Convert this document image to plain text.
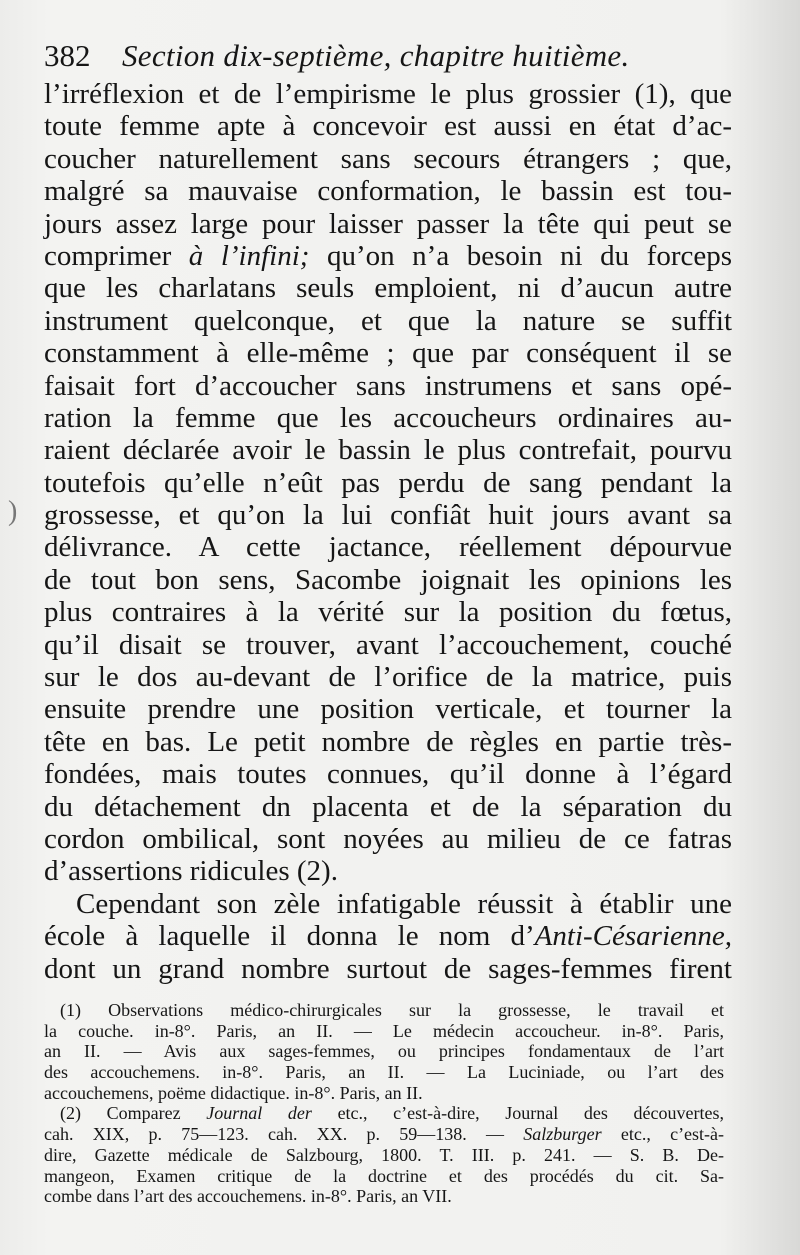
382 Section dix-septième, chapitre huitième.
)
l’irréflexion et de l’empirisme le plus grossier (1), que
toute femme apte à concevoir est aussi en état d’ac-
coucher naturellement sans secours étrangers ; que,
malgré sa mauvaise conformation, le bassin est tou-
jours assez large pour laisser passer la tête qui peut se
comprimer à l’infini; qu’on n’a besoin ni du forceps
que les charlatans seuls emploient, ni d’aucun autre
instrument quelconque, et que la nature se suffit
constamment à elle-même ; que par conséquent il se
faisait fort d’accoucher sans instrumens et sans opé-
ration la femme que les accoucheurs ordinaires au-
raient déclarée avoir le bassin le plus contrefait, pourvu
toutefois qu’elle n’eût pas perdu de sang pendant la
grossesse, et qu’on la lui confiât huit jours avant sa
délivrance. A cette jactance, réellement dépourvue
de tout bon sens, Sacombe joignait les opinions les
plus contraires à la vérité sur la position du fœtus,
qu’il disait se trouver, avant l’accouchement, couché
sur le dos au-devant de l’orifice de la matrice, puis
ensuite prendre une position verticale, et tourner la
tête en bas. Le petit nombre de règles en partie très-
fondées, mais toutes connues, qu’il donne à l’égard
du détachement dn placenta et de la séparation du
cordon ombilical, sont noyées au milieu de ce fatras
d’assertions ridicules (2).
Cependant son zèle infatigable réussit à établir une
école à laquelle il donna le nom d’Anti-Césarienne,
dont un grand nombre surtout de sages-femmes firent
(1) Observations médico-chirurgicales sur la grossesse, le travail et
la couche. in-8°. Paris, an II. — Le médecin accoucheur. in-8°. Paris,
an II. — Avis aux sages-femmes, ou principes fondamentaux de l’art
des accouchemens. in-8°. Paris, an II. — La Luciniade, ou l’art des
accouchemens, poëme didactique. in-8°. Paris, an II.
(2) Comparez Journal der etc., c’est-à-dire, Journal des découvertes,
cah. XIX, p. 75—123. cah. XX. p. 59—138. — Salzburger etc., c’est-à-
dire, Gazette médicale de Salzbourg, 1800. T. III. p. 241. — S. B. De-
mangeon, Examen critique de la doctrine et des procédés du cit. Sa-
combe dans l’art des accouchemens. in-8°. Paris, an VII.
